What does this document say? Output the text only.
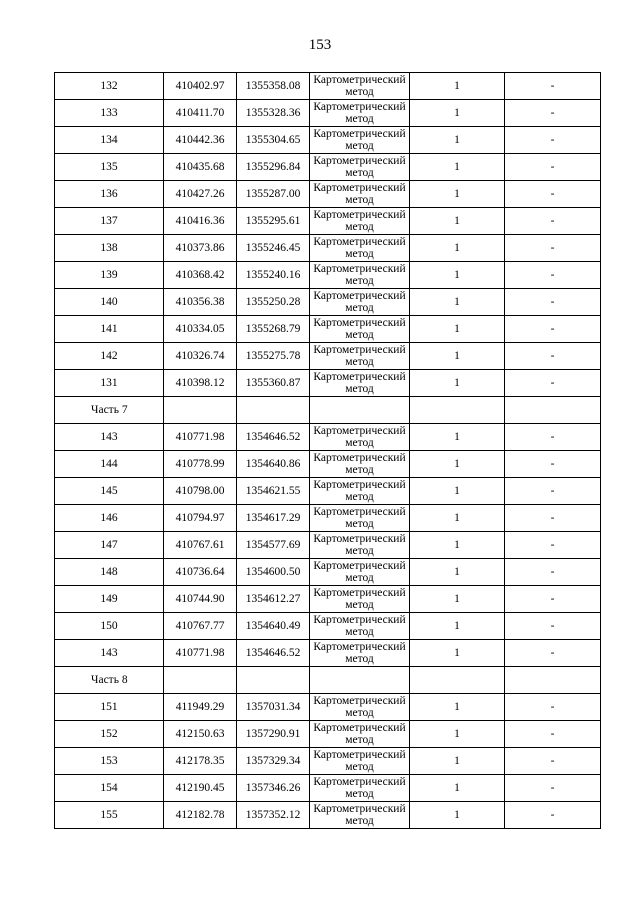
153
132	410402.97	1355358.08	Картометрический метод	1	-
133	410411.70	1355328.36	Картометрический метод	1	-
134	410442.36	1355304.65	Картометрический метод	1	-
135	410435.68	1355296.84	Картометрический метод	1	-
136	410427.26	1355287.00	Картометрический метод	1	-
137	410416.36	1355295.61	Картометрический метод	1	-
138	410373.86	1355246.45	Картометрический метод	1	-
139	410368.42	1355240.16	Картометрический метод	1	-
140	410356.38	1355250.28	Картометрический метод	1	-
141	410334.05	1355268.79	Картометрический метод	1	-
142	410326.74	1355275.78	Картометрический метод	1	-
131	410398.12	1355360.87	Картометрический метод	1	-
Часть 7					
143	410771.98	1354646.52	Картометрический метод	1	-
144	410778.99	1354640.86	Картометрический метод	1	-
145	410798.00	1354621.55	Картометрический метод	1	-
146	410794.97	1354617.29	Картометрический метод	1	-
147	410767.61	1354577.69	Картометрический метод	1	-
148	410736.64	1354600.50	Картометрический метод	1	-
149	410744.90	1354612.27	Картометрический метод	1	-
150	410767.77	1354640.49	Картометрический метод	1	-
143	410771.98	1354646.52	Картометрический метод	1	-
Часть 8					
151	411949.29	1357031.34	Картометрический метод	1	-
152	412150.63	1357290.91	Картометрический метод	1	-
153	412178.35	1357329.34	Картометрический метод	1	-
154	412190.45	1357346.26	Картометрический метод	1	-
155	412182.78	1357352.12	Картометрический метод	1	-
